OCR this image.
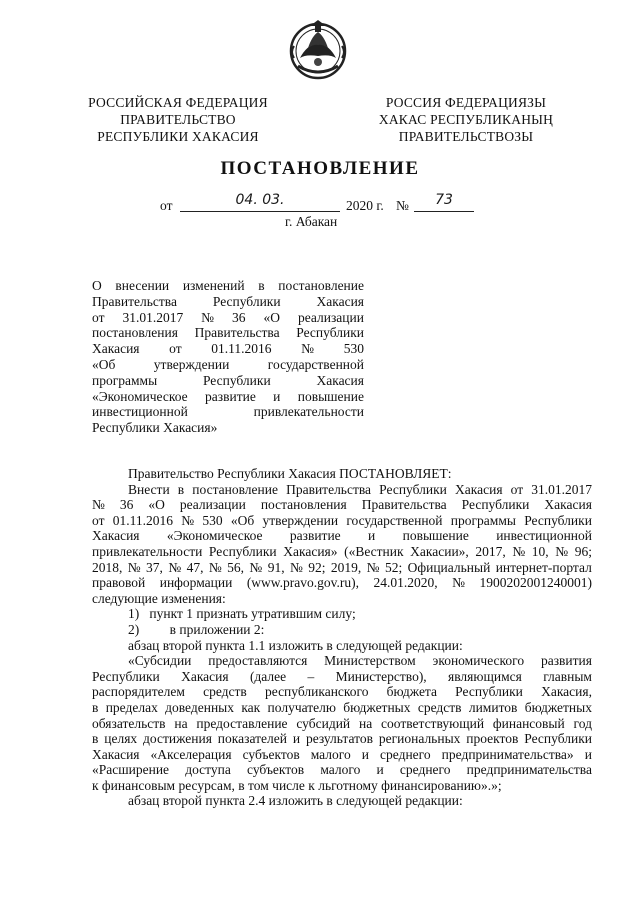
РОССИЙСКАЯ ФЕДЕРАЦИЯ
ПРАВИТЕЛЬСТВО
РЕСПУБЛИКИ ХАКАСИЯ
РОССИЯ ФЕДЕРАЦИЯЗЫ
ХАКАС РЕСПУБЛИКАНЫҢ
ПРАВИТЕЛЬСТВОЗЫ
ПОСТАНОВЛЕНИЕ
от	04. 03.	2020 г. №	73
г. Абакан
О внесении изменений в постановление
Правительства	Республики	Хакасия
от 31.01.2017 № 36 «О реализации
постановления Правительства Республики
Хакасия от 01.11.2016 № 530
«Об	утверждении	государственной
программы	Республики	Хакасия
«Экономическое развитие и повышение
инвестиционной	привлекательности
Республики Хакасия»
Правительство Республики Хакасия ПОСТАНОВЛЯЕТ:
Внести в постановление Правительства Республики Хакасия от 31.01.2017
№ 36 «О реализации постановления Правительства Республики Хакасия
от 01.11.2016 № 530 «Об утверждении государственной программы Республики
Хакасия «Экономическое развитие и повышение инвестиционной
привлекательности Республики Хакасия» («Вестник Хакасии», 2017, № 10, № 96;
2018, № 37, № 47, № 56, № 91, № 92; 2019, № 52; Официальный интернет-портал
правовой информации (www.pravo.gov.ru), 24.01.2020, № 1900202001240001)
следующие изменения:
1)   пункт 1 признать утратившим силу;
2)         в приложении 2:
абзац второй пункта 1.1 изложить в следующей редакции:
«Субсидии предоставляются Министерством экономического развития
Республики Хакасия (далее – Министерство), являющимся главным
распорядителем средств республиканского бюджета Республики Хакасия,
в пределах доведенных как получателю бюджетных средств лимитов бюджетных
обязательств на предоставление субсидий на соответствующий финансовый год
в целях достижения показателей и результатов региональных проектов Республики
Хакасия «Акселерация субъектов малого и среднего предпринимательства» и
«Расширение доступа субъектов малого и среднего предпринимательства
к финансовым ресурсам, в том числе к льготному финансированию».»;
абзац второй пункта 2.4 изложить в следующей редакции:
